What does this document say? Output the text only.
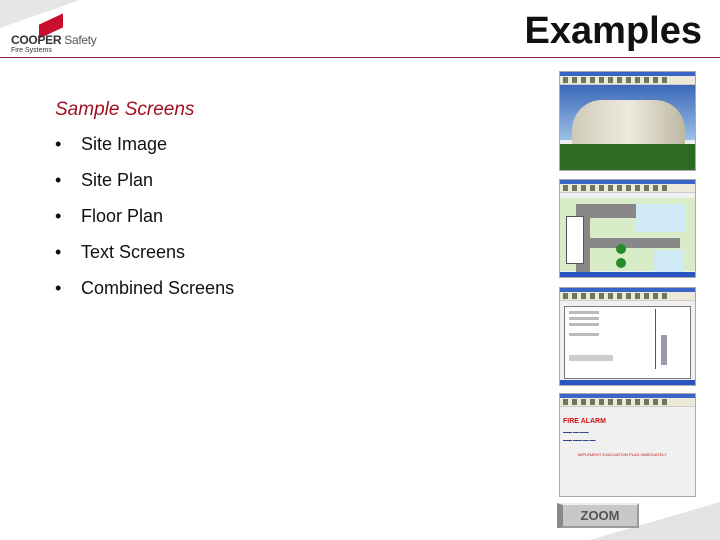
COOPER Safety
Fire Systems	Examples
Sample Screens
•	Site Image
•	Site Plan
•	Floor Plan
•	Text Screens
•	Combined Screens
FIRE ALARM
▬▬▬ ▬▬ ▬▬▬
▬▬▬ ▬▬▬ ▬▬ ▬▬
IMPLEMENT EVACUATION PLAN IMMEDIATELY
ZOOM
